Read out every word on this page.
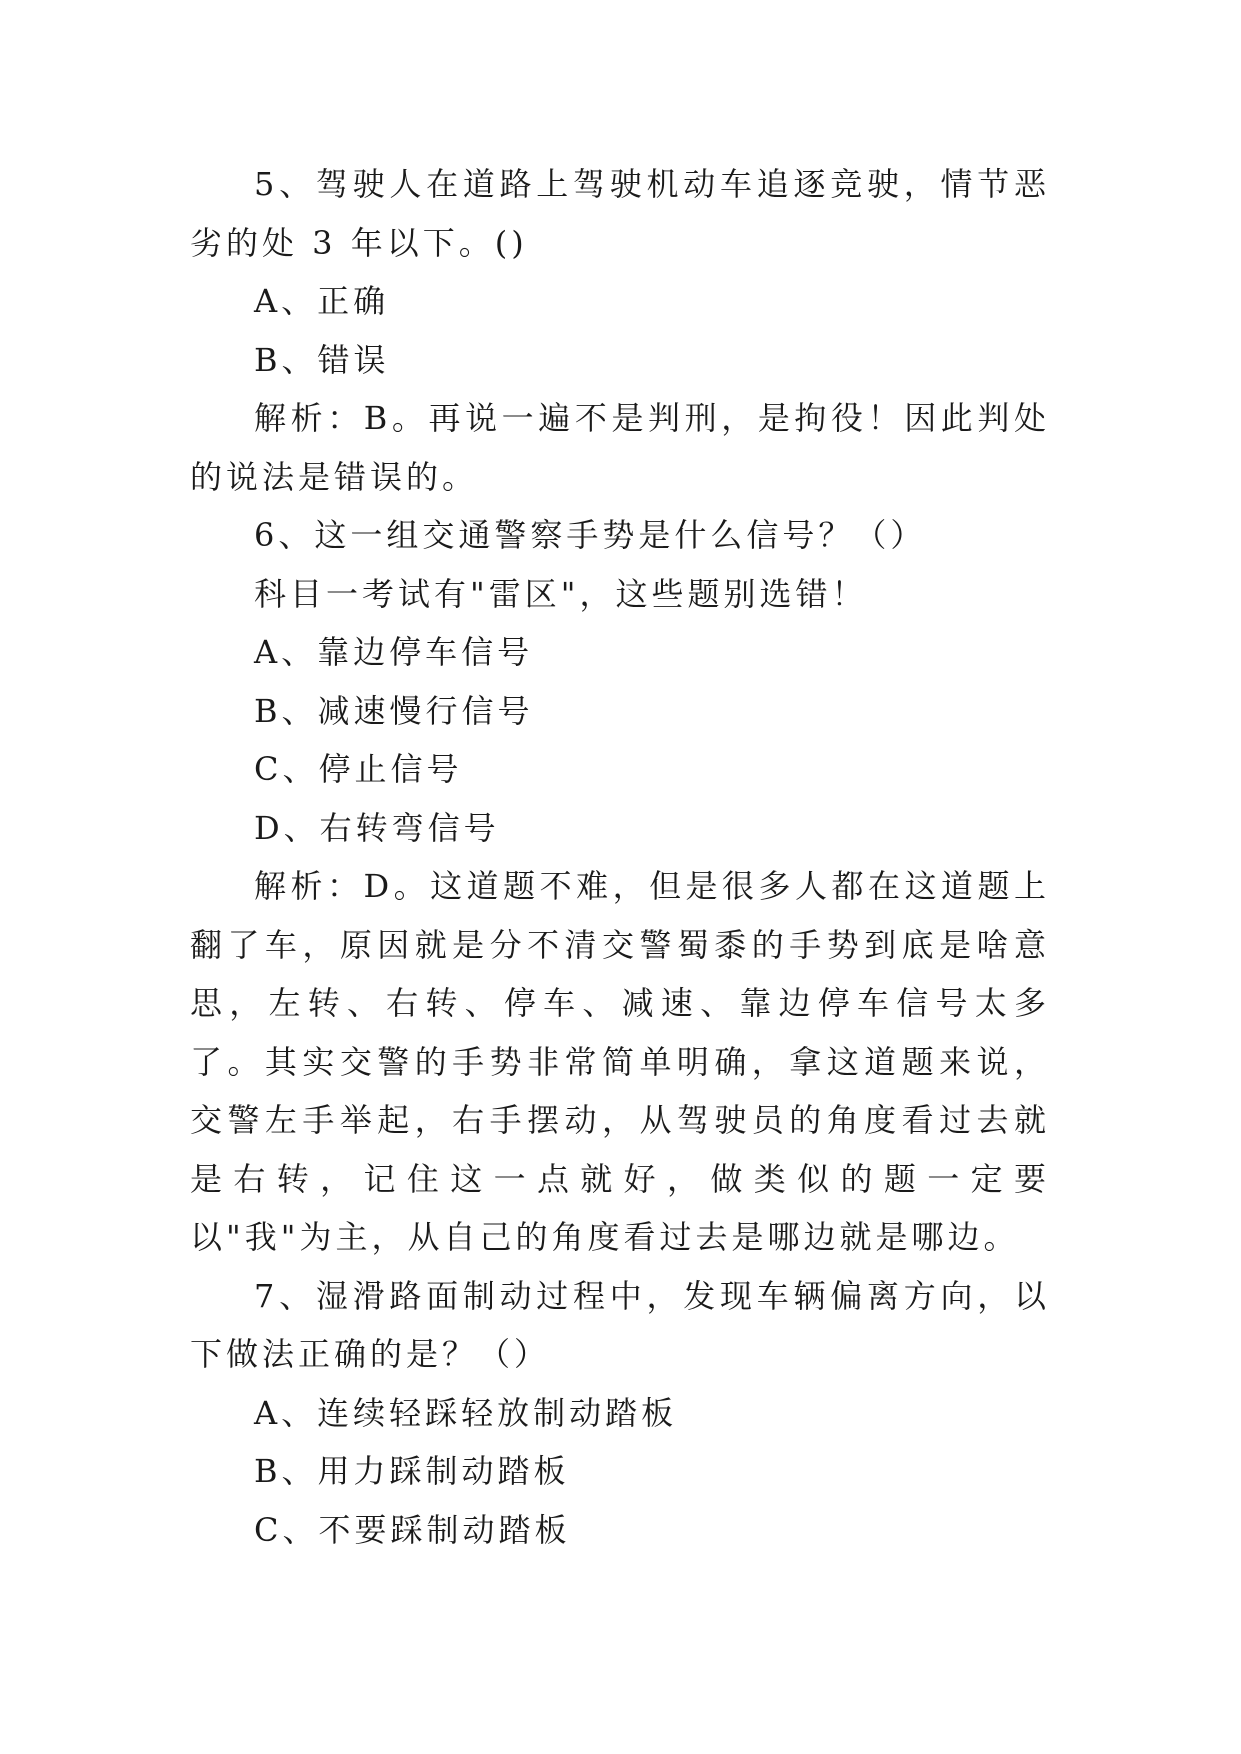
5、驾驶人在道路上驾驶机动车追逐竞驶，情节恶劣的处 3 年以下。()

A、正确

B、错误

解析：B。再说一遍不是判刑，是拘役！因此判处的说法是错误的。

6、这一组交通警察手势是什么信号？（）

科目一考试有"雷区"，这些题别选错！

A、靠边停车信号

B、减速慢行信号

C、停止信号

D、右转弯信号

解析：D。这道题不难，但是很多人都在这道题上翻了车，原因就是分不清交警蜀黍的手势到底是啥意思，左转、右转、停车、减速、靠边停车信号太多了。其实交警的手势非常简单明确，拿这道题来说，交警左手举起，右手摆动，从驾驶员的角度看过去就是右转，记住这一点就好，做类似的题一定要以"我"为主，从自己的角度看过去是哪边就是哪边。

7、湿滑路面制动过程中，发现车辆偏离方向，以下做法正确的是？（）

A、连续轻踩轻放制动踏板

B、用力踩制动踏板

C、不要踩制动踏板
